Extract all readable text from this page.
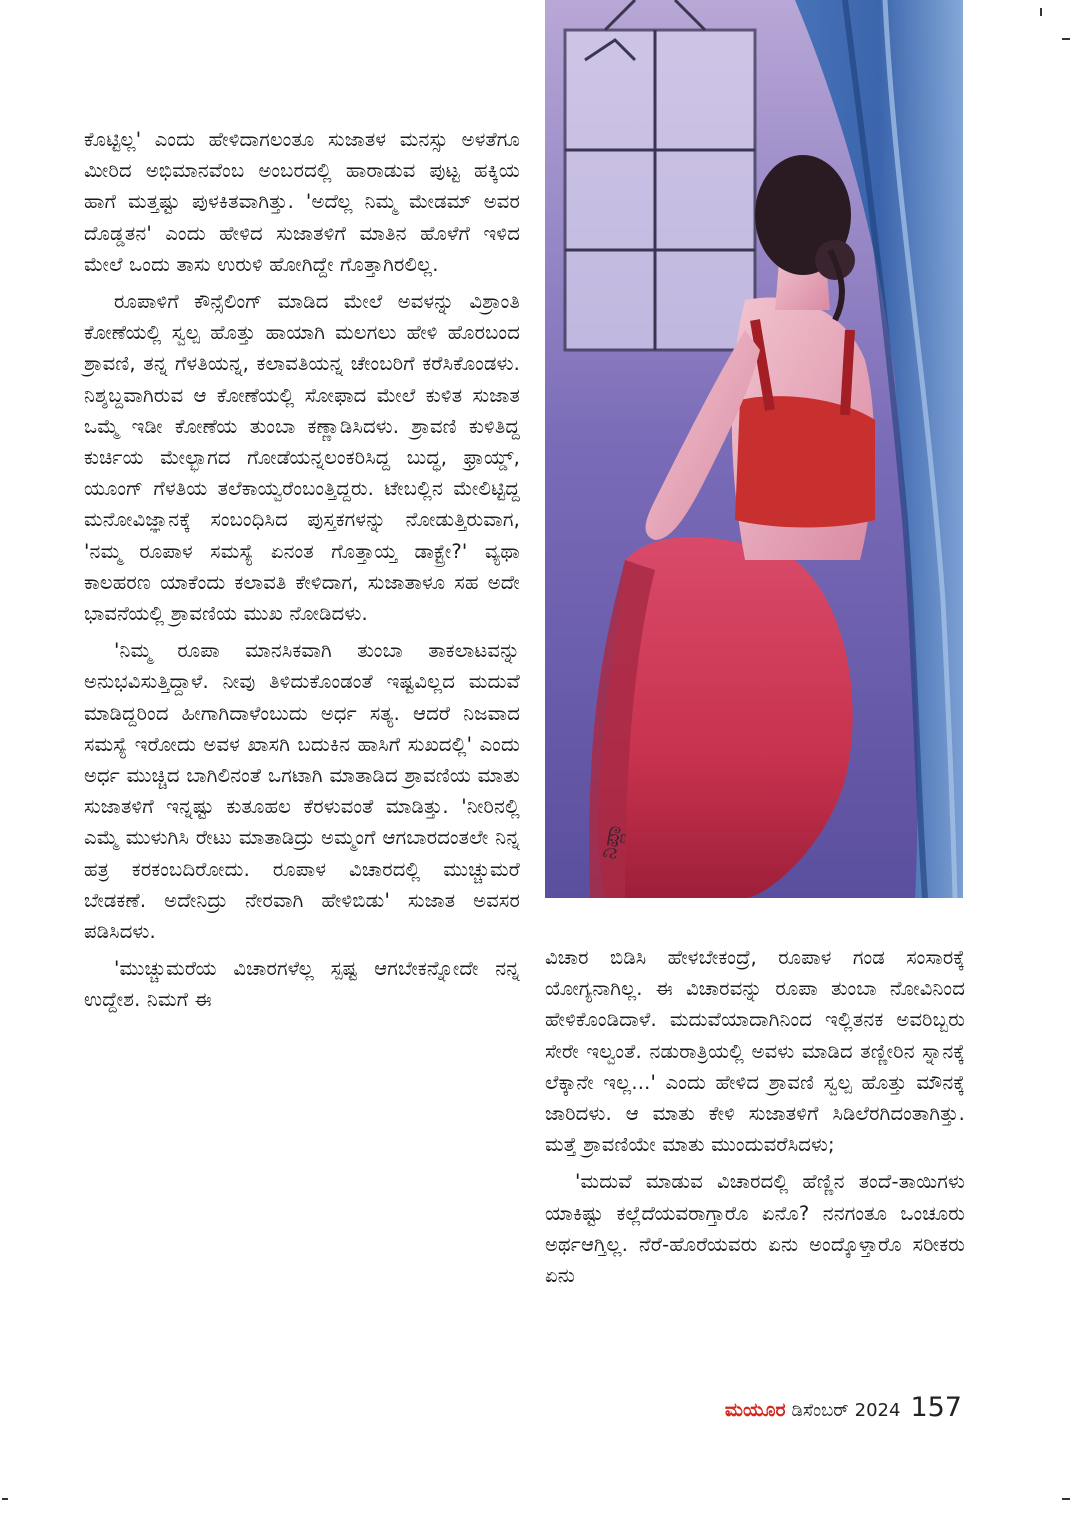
ನಿಪ್ಲಾ

ಕೊಟ್ಟಿಲ್ಲ' ಎಂದು ಹೇಳಿದಾಗಲಂತೂ ಸುಜಾತಳ ಮನಸ್ಸು ಅಳತೆಗೂ ಮೀರಿದ ಅಭಿಮಾನವೆಂಬ ಅಂಬರದಲ್ಲಿ ಹಾರಾಡುವ ಪುಟ್ಟ ಹಕ್ಕಿಯ ಹಾಗೆ ಮತ್ತಷ್ಟು ಪುಳಕಿತವಾಗಿತ್ತು. 'ಅದೆಲ್ಲ ನಿಮ್ಮ ಮೇಡಮ್ ಅವರ ದೊಡ್ಡತನ' ಎಂದು ಹೇಳಿದ ಸುಜಾತಳಿಗೆ ಮಾತಿನ ಹೊಳೆಗೆ ಇಳಿದ ಮೇಲೆ ಒಂದು ತಾಸು ಉರುಳಿ ಹೋಗಿದ್ದೇ ಗೊತ್ತಾಗಿರಲಿಲ್ಲ.

ರೂಪಾಳಿಗೆ ಕೌನ್ಸೆಲಿಂಗ್ ಮಾಡಿದ ಮೇಲೆ ಅವಳನ್ನು ವಿಶ್ರಾಂತಿ ಕೋಣೆಯಲ್ಲಿ ಸ್ವಲ್ಪ ಹೊತ್ತು ಹಾಯಾಗಿ ಮಲಗಲು ಹೇಳಿ ಹೊರಬಂದ ಶ್ರಾವಣಿ, ತನ್ನ ಗೆಳತಿಯನ್ನ, ಕಲಾವತಿಯನ್ನ ಚೇಂಬರಿಗೆ ಕರೆಸಿಕೊಂಡಳು. ನಿಶ್ಶಬ್ದವಾಗಿರುವ ಆ ಕೋಣೆಯಲ್ಲಿ ಸೋಫಾದ ಮೇಲೆ ಕುಳಿತ ಸುಜಾತ ಒಮ್ಮೆ ಇಡೀ ಕೋಣೆಯ ತುಂಬಾ ಕಣ್ಣಾಡಿಸಿದಳು. ಶ್ರಾವಣಿ ಕುಳಿತಿದ್ದ ಕುರ್ಚಿಯ ಮೇಲ್ಭಾಗದ ಗೋಡೆಯನ್ನಲಂಕರಿಸಿದ್ದ ಬುದ್ಧ, ಫ್ರಾಯ್ಡ್, ಯೂಂಗ್ ಗೆಳತಿಯ ತಲೆಕಾಯ್ವರೆಂಬಂತ್ತಿದ್ದರು. ಟೇಬಲ್ಲಿನ ಮೇಲಿಟ್ಟಿದ್ದ ಮನೋವಿಜ್ಞಾನಕ್ಕೆ ಸಂಬಂಧಿಸಿದ ಪುಸ್ತಕಗಳನ್ನು ನೋಡುತ್ತಿರುವಾಗ, 'ನಮ್ಮ ರೂಪಾಳ ಸಮಸ್ಯೆ ಏನಂತ ಗೊತ್ತಾಯ್ತ ಡಾಕ್ಟ್ರೇ?' ವ್ಯಥಾ ಕಾಲಹರಣ ಯಾಕೆಂದು ಕಲಾವತಿ ಕೇಳಿದಾಗ, ಸುಜಾತಾಳೂ ಸಹ ಅದೇ ಭಾವನೆಯಲ್ಲಿ ಶ್ರಾವಣಿಯ ಮುಖ ನೋಡಿದಳು.

'ನಿಮ್ಮ ರೂಪಾ ಮಾನಸಿಕವಾಗಿ ತುಂಬಾ ತಾಕಲಾಟವನ್ನು ಅನುಭವಿಸುತ್ತಿದ್ದಾಳೆ. ನೀವು ತಿಳಿದುಕೊಂಡಂತೆ ಇಷ್ಟವಿಲ್ಲದ ಮದುವೆ ಮಾಡಿದ್ದರಿಂದ ಹೀಗಾಗಿದಾಳೆಂಬುದು ಅರ್ಧ ಸತ್ಯ. ಆದರೆ ನಿಜವಾದ ಸಮಸ್ಯೆ ಇರೋದು ಅವಳ ಖಾಸಗಿ ಬದುಕಿನ ಹಾಸಿಗೆ ಸುಖದಲ್ಲಿ' ಎಂದು ಅರ್ಧ ಮುಚ್ಚಿದ ಬಾಗಿಲಿನಂತೆ ಒಗಟಾಗಿ ಮಾತಾಡಿದ ಶ್ರಾವಣಿಯ ಮಾತು ಸುಜಾತಳಿಗೆ ಇನ್ನಷ್ಟು ಕುತೂಹಲ ಕೆರಳುವಂತೆ ಮಾಡಿತ್ತು. 'ನೀರಿನಲ್ಲಿ ಎಮ್ಮೆ ಮುಳುಗಿಸಿ ರೇಟು ಮಾತಾಡಿದ್ರು ಅಮ್ಮಂಗೆ ಆಗಬಾರದಂತಲೇ ನಿನ್ನ ಹತ್ರ ಕರಕಂಬದಿರೋದು. ರೂಪಾಳ ವಿಚಾರದಲ್ಲಿ ಮುಚ್ಚುಮರೆ ಬೇಡಕಣೆ. ಅದೇನಿದ್ರು ನೇರವಾಗಿ ಹೇಳಿಬಿಡು' ಸುಜಾತ ಅವಸರ ಪಡಿಸಿದಳು.

'ಮುಚ್ಚುಮರೆಯ ವಿಚಾರಗಳೆಲ್ಲ ಸ್ಪಷ್ಟ ಆಗಬೇಕನ್ನೋದೇ ನನ್ನ ಉದ್ದೇಶ. ನಿಮಗೆ ಈ

ವಿಚಾರ ಬಿಡಿಸಿ ಹೇಳಬೇಕಂದ್ರೆ, ರೂಪಾಳ ಗಂಡ ಸಂಸಾರಕ್ಕೆ ಯೋಗ್ಯನಾಗಿಲ್ಲ. ಈ ವಿಚಾರವನ್ನು ರೂಪಾ ತುಂಬಾ ನೋವಿನಿಂದ ಹೇಳಿಕೊಂಡಿದಾಳೆ. ಮದುವೆಯಾದಾಗಿನಿಂದ ಇಲ್ಲಿತನಕ ಅವರಿಬ್ಬರು ಸೇರೇ ಇಲ್ವಂತೆ. ನಡುರಾತ್ರಿಯಲ್ಲಿ ಅವಳು ಮಾಡಿದ ತಣ್ಣೀರಿನ ಸ್ನಾನಕ್ಕೆ ಲೆಕ್ಕಾನೇ ಇಲ್ಲ...' ಎಂದು ಹೇಳಿದ ಶ್ರಾವಣಿ ಸ್ವಲ್ಪ ಹೊತ್ತು ಮೌನಕ್ಕೆ ಜಾರಿದಳು. ಆ ಮಾತು ಕೇಳಿ ಸುಜಾತಳಿಗೆ ಸಿಡಿಲೆರಗಿದಂತಾಗಿತ್ತು. ಮತ್ತೆ ಶ್ರಾವಣಿಯೇ ಮಾತು ಮುಂದುವರೆಸಿದಳು;

'ಮದುವೆ ಮಾಡುವ ವಿಚಾರದಲ್ಲಿ ಹೆಣ್ಣಿನ ತಂದೆ-ತಾಯಿಗಳು ಯಾಕಿಷ್ಟು ಕಲ್ಲೆದೆಯವರಾಗ್ತಾರೊ ಏನೊ? ನನಗಂತೂ ಒಂಚೂರು ಅರ್ಥಆಗ್ತಿಲ್ಲ. ನೆರೆ-ಹೊರೆಯವರು ಏನು ಅಂದ್ಕೊಳ್ತಾರೊ ಸರೀಕರು ಏನು

ಮಯೂರ ಡಿಸೆಂಬರ್ 2024 157
